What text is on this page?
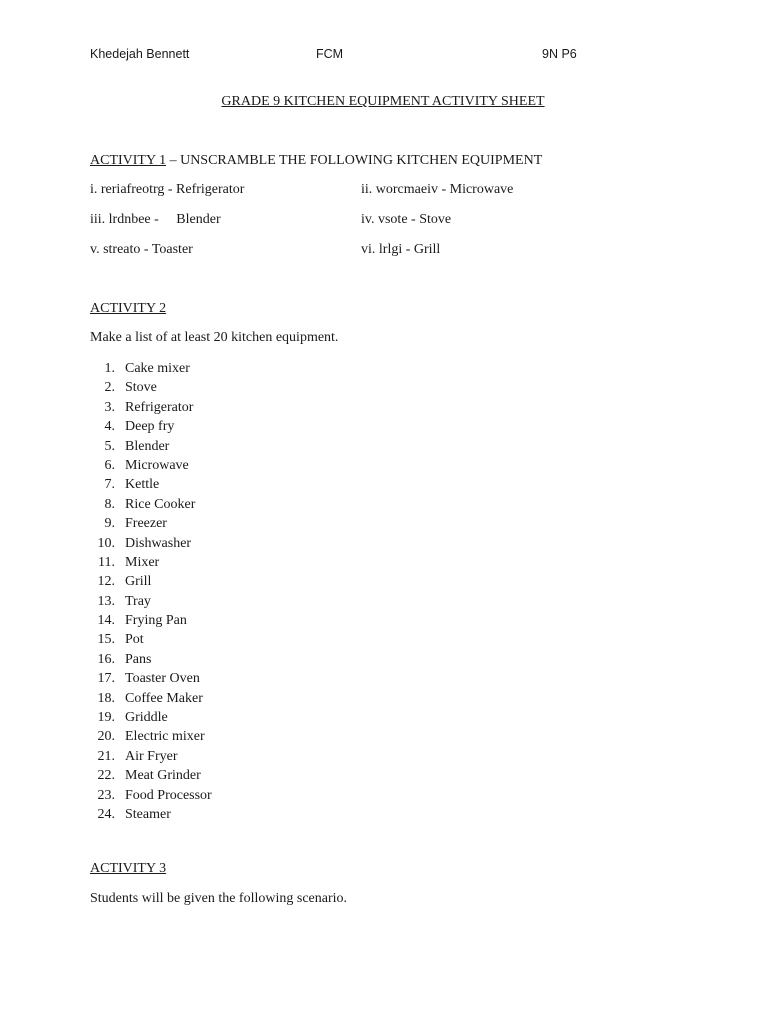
Khedejah Bennett	FCM	9N P6
GRADE 9 KITCHEN EQUIPMENT ACTIVITY SHEET
ACTIVITY 1 – UNSCRAMBLE THE FOLLOWING KITCHEN EQUIPMENT
i. reriafreotrg - Refrigerator	ii. worcmaeiv - Microwave
iii. lrdnbee -     Blender	iv. vsote - Stove
v. streato - Toaster	vi. lrlgi - Grill
ACTIVITY 2
Make a list of at least 20 kitchen equipment.
1. Cake mixer
2. Stove
3. Refrigerator
4. Deep fry
5. Blender
6. Microwave
7. Kettle
8. Rice Cooker
9. Freezer
10. Dishwasher
11. Mixer
12. Grill
13. Tray
14. Frying Pan
15. Pot
16. Pans
17. Toaster Oven
18. Coffee Maker
19. Griddle
20. Electric mixer
21. Air Fryer
22. Meat Grinder
23. Food Processor
24. Steamer
ACTIVITY 3
Students will be given the following scenario.
